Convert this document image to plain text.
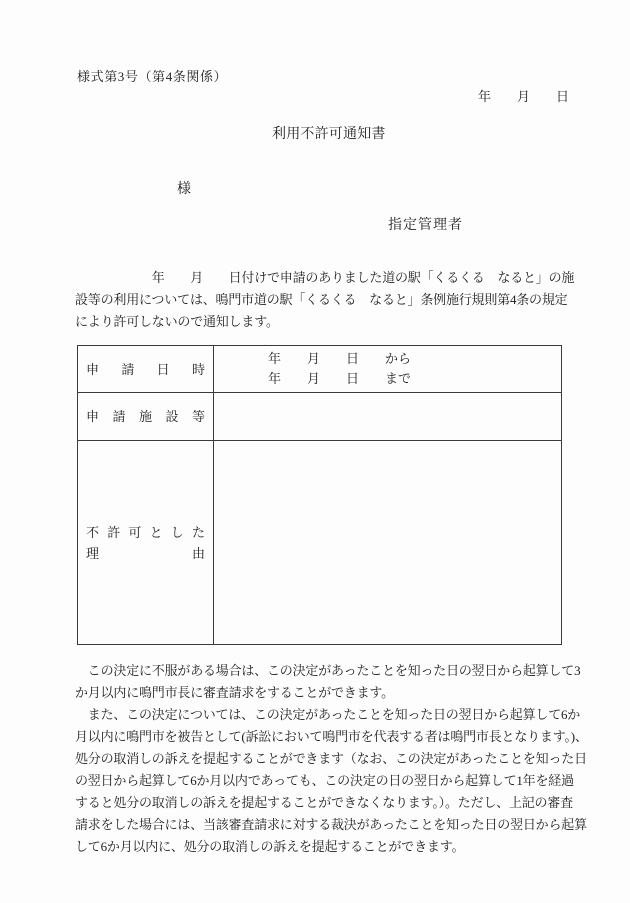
様式第3号（第4条関係）
年　　月　　日
利用不許可通知書
様
指定管理者
　　　　　　年　　月　　日付けで申請のありました道の駅「くるくる　なると」の施
設等の利用については、鳴門市道の駅「くるくる　なると」条例施行規則第4条の規定
により許可しないので通知します。
申請日時
年　　月　　日　　から
年　　月　　日　　まで
申請施設等
不許可とした
理由
　この決定に不服がある場合は、この決定があったことを知った日の翌日から起算して3
か月以内に鳴門市長に審査請求をすることができます。
　また、この決定については、この決定があったことを知った日の翌日から起算して6か
月以内に鳴門市を被告として(訴訟において鳴門市を代表する者は鳴門市長となります。)、
処分の取消しの訴えを提起することができます（なお、この決定があったことを知った日
の翌日から起算して6か月以内であっても、この決定の日の翌日から起算して1年を経過
すると処分の取消しの訴えを提起することができなくなります。）。ただし、上記の審査
請求をした場合には、当該審査請求に対する裁決があったことを知った日の翌日から起算
して6か月以内に、処分の取消しの訴えを提起することができます。
